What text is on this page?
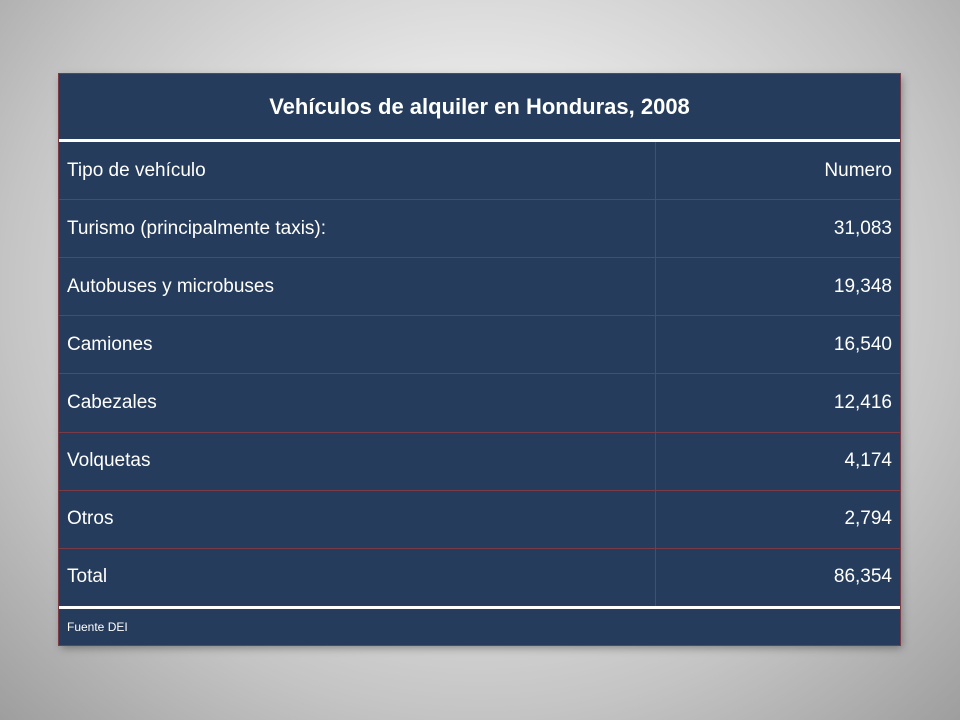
Vehículos de alquiler en Honduras, 2008	
Tipo de vehículo	Numero
Turismo (principalmente taxis):	31,083
Autobuses y microbuses	19,348
Camiones	16,540
Cabezales	12,416
Volquetas	4,174
Otros	2,794
Total	86,354
Fuente DEI	
